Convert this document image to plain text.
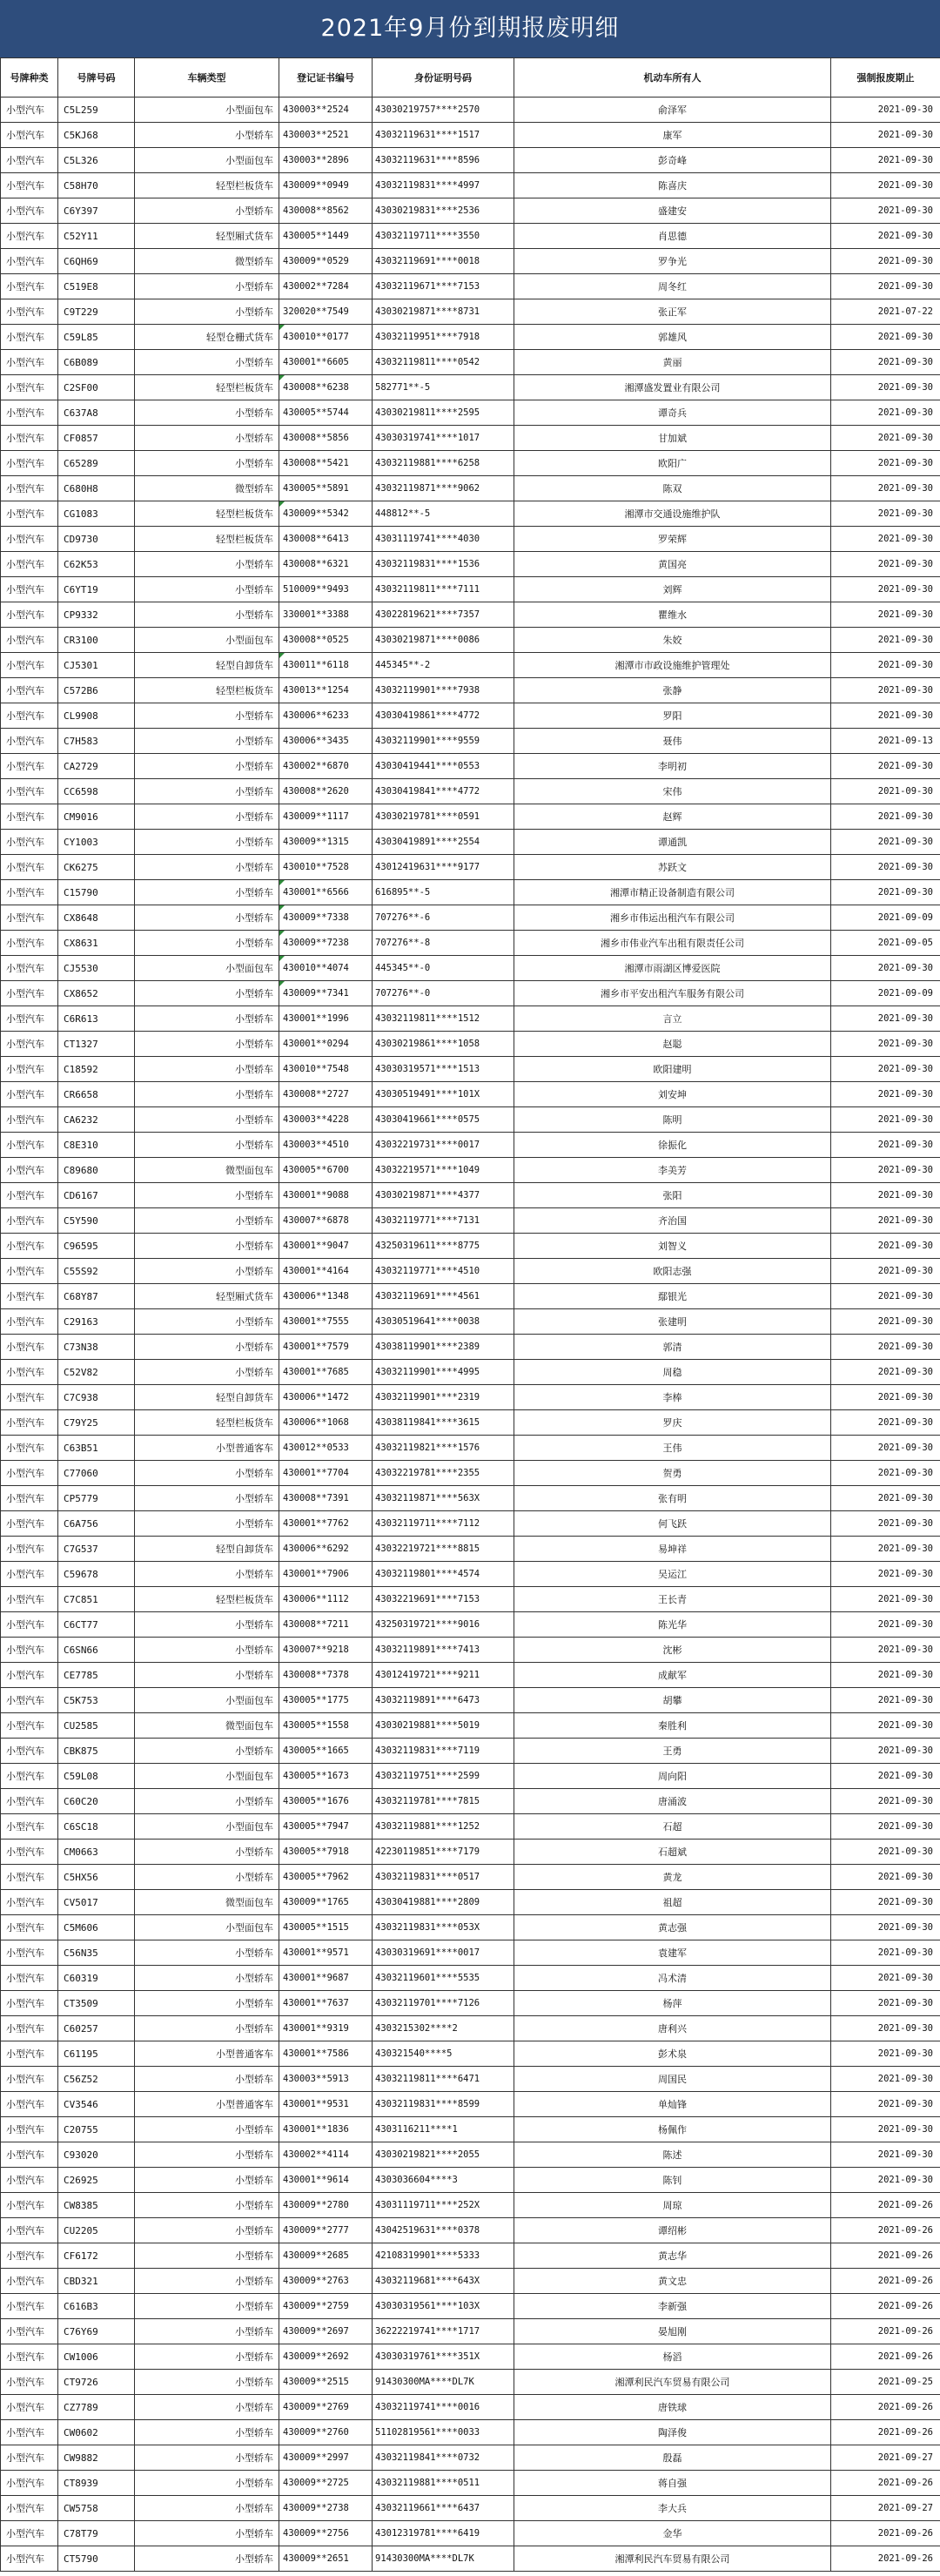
2021年9月份到期报废明细
号牌种类	号牌号码	车辆类型	登记证书编号	身份证明号码	机动车所有人	强制报废期止
小型汽车	C5L259	小型面包车	430003**2524	43030219757****2570	俞泽军	2021-09-30
小型汽车	C5KJ68	小型轿车	430003**2521	43032119631****1517	康军	2021-09-30
小型汽车	C5L326	小型面包车	430003**2896	43032119631****8596	彭奇峰	2021-09-30
小型汽车	C58H70	轻型栏板货车	430009**0949	43032119831****4997	陈喜庆	2021-09-30
小型汽车	C6Y397	小型轿车	430008**8562	43030219831****2536	盛建安	2021-09-30
小型汽车	C52Y11	轻型厢式货车	430005**1449	43032119711****3550	肖思德	2021-09-30
小型汽车	C6QH69	微型轿车	430009**0529	43032119691****0018	罗争光	2021-09-30
小型汽车	C519E8	小型轿车	430002**7284	43032119671****7153	周冬红	2021-09-30
小型汽车	C9T229	小型轿车	320020**7549	43030219871****8731	张正军	2021-07-22
小型汽车	C59L85	轻型仓栅式货车	430010**0177	43032119951****7918	郭雄风	2021-09-30
小型汽车	C6B089	小型轿车	430001**6605	43032119811****0542	黄丽	2021-09-30
小型汽车	C2SF00	轻型栏板货车	430008**6238	582771**-5	湘潭盛发置业有限公司	2021-09-30
小型汽车	C637A8	小型轿车	430005**5744	43030219811****2595	谭奇兵	2021-09-30
小型汽车	CF0857	小型轿车	430008**5856	43030319741****1017	甘加斌	2021-09-30
小型汽车	C65289	小型轿车	430008**5421	43032119881****6258	欧阳广	2021-09-30
小型汽车	C680H8	微型轿车	430005**5891	43032119871****9062	陈双	2021-09-30
小型汽车	CG1083	轻型栏板货车	430009**5342	448812**-5	湘潭市交通设施维护队	2021-09-30
小型汽车	CD9730	轻型栏板货车	430008**6413	43031119741****4030	罗荣辉	2021-09-30
小型汽车	C62K53	小型轿车	430008**6321	43032119831****1536	黄国亮	2021-09-30
小型汽车	C6YT19	小型轿车	510009**9493	43032119811****7111	刘辉	2021-09-30
小型汽车	CP9332	小型轿车	330001**3388	43022819621****7357	瞿维水	2021-09-30
小型汽车	CR3100	小型面包车	430008**0525	43030219871****0086	朱姣	2021-09-30
小型汽车	CJ5301	轻型自卸货车	430011**6118	445345**-2	湘潭市市政设施维护管理处	2021-09-30
小型汽车	C572B6	轻型栏板货车	430013**1254	43032119901****7938	张静	2021-09-30
小型汽车	CL9908	小型轿车	430006**6233	43030419861****4772	罗阳	2021-09-30
小型汽车	C7H583	小型轿车	430006**3435	43032119901****9559	聂伟	2021-09-13
小型汽车	CA2729	小型轿车	430002**6870	43030419441****0553	李明初	2021-09-30
小型汽车	CC6598	小型轿车	430008**2620	43030419841****4772	宋伟	2021-09-30
小型汽车	CM9016	小型轿车	430009**1117	43030219781****0591	赵辉	2021-09-30
小型汽车	CY1003	小型轿车	430009**1315	43030419891****2554	谭通凯	2021-09-30
小型汽车	CK6275	小型轿车	430010**7528	43012419631****9177	苏跃文	2021-09-30
小型汽车	C15790	小型轿车	430001**6566	616895**-5	湘潭市精正设备制造有限公司	2021-09-30
小型汽车	CX8648	小型轿车	430009**7338	707276**-6	湘乡市伟运出租汽车有限公司	2021-09-09
小型汽车	CX8631	小型轿车	430009**7238	707276**-8	湘乡市伟业汽车出租有限责任公司	2021-09-05
小型汽车	CJ5530	小型面包车	430010**4074	445345**-0	湘潭市雨湖区博爱医院	2021-09-30
小型汽车	CX8652	小型轿车	430009**7341	707276**-0	湘乡市平安出租汽车服务有限公司	2021-09-09
小型汽车	C6R613	小型轿车	430001**1996	43032119811****1512	言立	2021-09-30
小型汽车	CT1327	小型轿车	430001**0294	43030219861****1058	赵聪	2021-09-30
小型汽车	C18592	小型轿车	430010**7548	43030319571****1513	欧阳建明	2021-09-30
小型汽车	CR6658	小型轿车	430008**2727	43030519491****101X	刘安坤	2021-09-30
小型汽车	CA6232	小型轿车	430003**4228	43030419661****0575	陈明	2021-09-30
小型汽车	C8E310	小型轿车	430003**4510	43032219731****0017	徐振化	2021-09-30
小型汽车	C89680	微型面包车	430005**6700	43032219571****1049	李美芳	2021-09-30
小型汽车	CD6167	小型轿车	430001**9088	43030219871****4377	张阳	2021-09-30
小型汽车	C5Y590	小型轿车	430007**6878	43032119771****7131	齐治国	2021-09-30
小型汽车	C96595	小型轿车	430001**9047	43250319611****8775	刘智义	2021-09-30
小型汽车	C55S92	小型轿车	430001**4164	43032119771****4510	欧阳志强	2021-09-30
小型汽车	C68Y87	轻型厢式货车	430006**1348	43032119691****4561	鄢银光	2021-09-30
小型汽车	C29163	小型轿车	430001**7555	43030519641****0038	张建明	2021-09-30
小型汽车	C73N38	小型轿车	430001**7579	43038119901****2389	郭清	2021-09-30
小型汽车	C52V82	小型轿车	430001**7685	43032119901****4995	周稳	2021-09-30
小型汽车	C7C938	轻型自卸货车	430006**1472	43032119901****2319	李棒	2021-09-30
小型汽车	C79Y25	轻型栏板货车	430006**1068	43038119841****3615	罗庆	2021-09-30
小型汽车	C63B51	小型普通客车	430012**0533	43032119821****1576	王伟	2021-09-30
小型汽车	C77060	小型轿车	430001**7704	43032219781****2355	贺勇	2021-09-30
小型汽车	CP5779	小型轿车	430008**7391	43032119871****563X	张有明	2021-09-30
小型汽车	C6A756	小型轿车	430001**7762	43032119711****7112	何飞跃	2021-09-30
小型汽车	C7G537	轻型自卸货车	430006**6292	43032219721****8815	易坤祥	2021-09-30
小型汽车	C59678	小型轿车	430001**7906	43032119801****4574	吴运江	2021-09-30
小型汽车	C7C851	轻型栏板货车	430006**1112	43032219691****7153	王长青	2021-09-30
小型汽车	C6CT77	小型轿车	430008**7211	43250319721****9016	陈光华	2021-09-30
小型汽车	C6SN66	小型轿车	430007**9218	43032119891****7413	沈彬	2021-09-30
小型汽车	CE7785	小型轿车	430008**7378	43012419721****9211	成献军	2021-09-30
小型汽车	C5K753	小型面包车	430005**1775	43032119891****6473	胡攀	2021-09-30
小型汽车	CU2585	微型面包车	430005**1558	43030219881****5019	秦胜利	2021-09-30
小型汽车	CBK875	小型轿车	430005**1665	43032119831****7119	王勇	2021-09-30
小型汽车	C59L08	小型面包车	430005**1673	43032119751****2599	周向阳	2021-09-30
小型汽车	C60C20	小型轿车	430005**1676	43032119781****7815	唐涌波	2021-09-30
小型汽车	C6SC18	小型面包车	430005**7947	43032119881****1252	石超	2021-09-30
小型汽车	CM0663	小型轿车	430005**7918	42230119851****7179	石超斌	2021-09-30
小型汽车	C5HX56	小型轿车	430005**7962	43032119831****0517	黄龙	2021-09-30
小型汽车	CV5017	微型面包车	430009**1765	43030419881****2809	祖超	2021-09-30
小型汽车	C5M606	小型面包车	430005**1515	43032119831****053X	黄志强	2021-09-30
小型汽车	C56N35	小型轿车	430001**9571	43030319691****0017	袁建军	2021-09-30
小型汽车	C60319	小型轿车	430001**9687	43032119601****5535	冯术清	2021-09-30
小型汽车	CT3509	小型轿车	430001**7637	43032119701****7126	杨萍	2021-09-30
小型汽车	C60257	小型轿车	430001**9319	4303215302****2	唐利兴	2021-09-30
小型汽车	C61195	小型普通客车	430001**7586	430321540****5	彭术泉	2021-09-30
小型汽车	C56Z52	小型轿车	430003**5913	43032119811****6471	周国民	2021-09-30
小型汽车	CV3546	小型普通客车	430001**9531	43032119831****8599	单灿锋	2021-09-30
小型汽车	C20755	小型轿车	430001**1836	4303116211****1	杨佩作	2021-09-30
小型汽车	C93020	小型轿车	430002**4114	43030219821****2055	陈述	2021-09-30
小型汽车	C26925	小型轿车	430001**9614	4303036604****3	陈钊	2021-09-30
小型汽车	CW8385	小型轿车	430009**2780	43031119711****252X	周琼	2021-09-26
小型汽车	CU2205	小型轿车	430009**2777	43042519631****0378	谭绍彬	2021-09-26
小型汽车	CF6172	小型轿车	430009**2685	42108319901****5333	黄志华	2021-09-26
小型汽车	CBD321	小型轿车	430009**2763	43032119681****643X	黄文忠	2021-09-26
小型汽车	C616B3	小型轿车	430009**2759	43030319561****103X	李新强	2021-09-26
小型汽车	C76Y69	小型轿车	430009**2697	36222219741****1717	晏旭刚	2021-09-26
小型汽车	CW1006	小型轿车	430009**2692	43030319761****351X	杨滔	2021-09-26
小型汽车	CT9726	小型轿车	430009**2515	91430300MA****DL7K	湘潭利民汽车贸易有限公司	2021-09-25
小型汽车	CZ7789	小型轿车	430009**2769	43032119741****0016	唐铁球	2021-09-26
小型汽车	CW0602	小型轿车	430009**2760	51102819561****0033	陶泽俊	2021-09-26
小型汽车	CW9882	小型轿车	430009**2997	43032119841****0732	殷磊	2021-09-27
小型汽车	CT8939	小型轿车	430009**2725	43032119881****0511	蒋自强	2021-09-26
小型汽车	CW5758	小型轿车	430009**2738	43032119661****6437	李大兵	2021-09-27
小型汽车	C78T79	小型轿车	430009**2756	43012319781****6419	金华	2021-09-26
小型汽车	CT5790	小型轿车	430009**2651	91430300MA****DL7K	湘潭利民汽车贸易有限公司	2021-09-26
